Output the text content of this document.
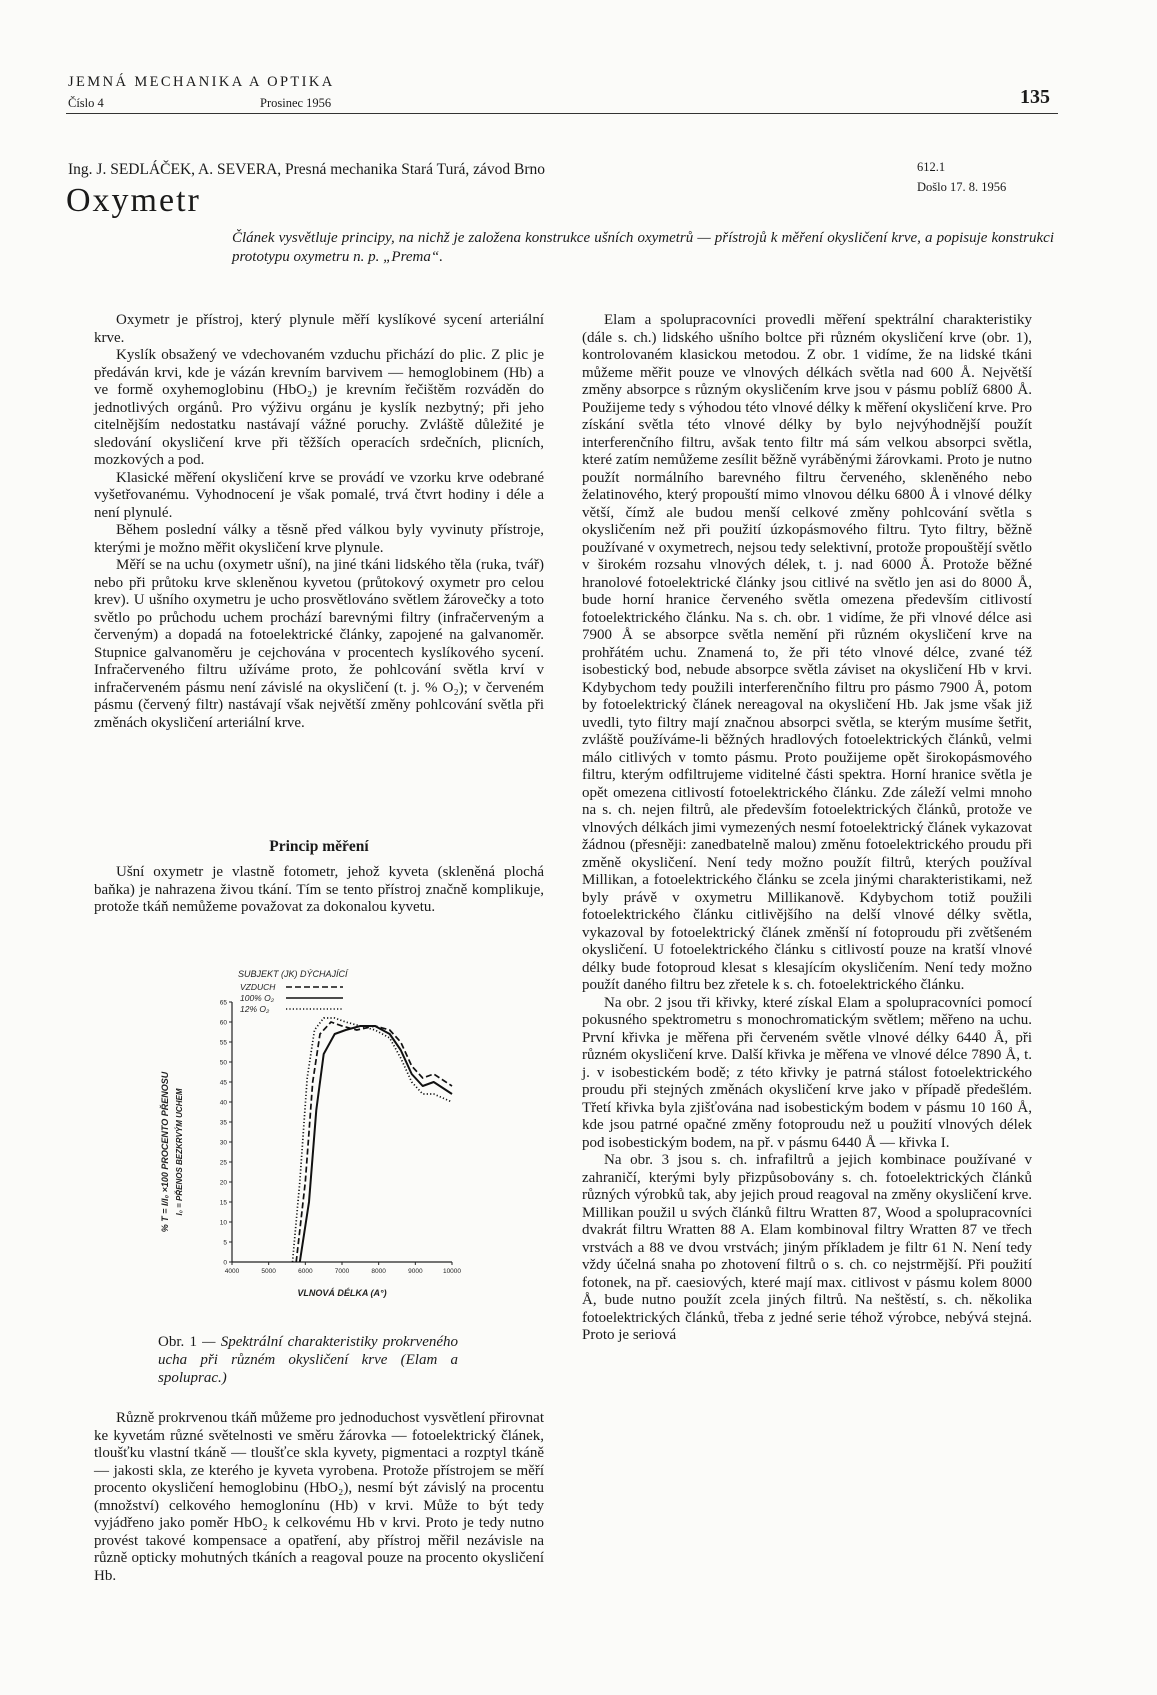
JEMNÁ MECHANIKA A OPTIKA
Číslo 4	Prosinec 1956	135
Ing. J. SEDLÁČEK, A. SEVERA, Presná mechanika Stará Turá, závod Brno	612.1
Došlo 17. 8. 1956
Oxymetr
Článek vysvětluje principy, na nichž je založena konstrukce ušních oxymetrů — přístrojů k měření okysličení krve, a popisuje konstrukci prototypu oxymetru n. p. „Prema“.

Oxymetr je přístroj, který plynule měří kyslíkové sycení arteriální krve.

Kyslík obsažený ve vdechovaném vzduchu přichází do plic. Z plic je předáván krvi, kde je vázán krevním barvivem — hemoglobinem (Hb) a ve formě oxyhemoglobinu (HbO₂) je krevním řečištěm rozváděn do jednotlivých orgánů. Pro výživu orgánu je kyslík nezbytný; při jeho citelnějším nedostatku nastávají vážné poruchy. Zvláště důležité je sledování okysličení krve při těžších operacích srdečních, plicních, mozkových a pod.

Klasické měření okysličení krve se provádí ve vzorku krve odebrané vyšetřovanému. Vyhodnocení je však pomalé, trvá čtvrt hodiny i déle a není plynulé.

Během poslední války a těsně před válkou byly vyvinuty přístroje, kterými je možno měřit okysličení krve plynule.

Měří se na uchu (oxymetr ušní), na jiné tkáni lidského těla (ruka, tvář) nebo při průtoku krve skleněnou kyvetou (průtokový oxymetr pro celou krev). U ušního oxymetru je ucho prosvětlováno světlem žárovečky a toto světlo po průchodu uchem prochází barevnými filtry (infračerveným a červeným) a dopadá na fotoelektrické články, zapojené na galvanoměr. Stupnice galvanoměru je cejchována v procentech kyslíkového sycení. Infračerveného filtru užíváme proto, že pohlcování světla krví v infračerveném pásmu není závislé na okysličení (t. j. % O₂); v červeném pásmu (červený filtr) nastávají však největší změny pohlcování světla při změnách okysličení arteriální krve.

Princip měření

Ušní oxymetr je vlastně fotometr, jehož kyveta (skleněná plochá baňka) je nahrazena živou tkání. Tím se tento přístroj značně komplikuje, protože tkáň nemůžeme považovat za dokonalou kyvetu.

0
5
10
15
20
25
30
35
40
45
50
55
60
65
4000	5000	6000	7000	8000	9000	10000
VLNOVÁ DÉLKA (A°)
% T = I/I₀ ×100 PROCENTO PŘENOSU I₀ = PŘENOS BEZKRVÝM UCHEM
SUBJEKT (JK) DÝCHAJÍCÍ
VZDUCH
100% O₂
12% O₂
Obr. 1 — Spektrální charakteristiky prokrveného ucha při různém okysličení krve (Elam a spoluprac.)

Různě prokrvenou tkáň můžeme pro jednoduchost vysvětlení přirovnat ke kyvetám různé světelnosti ve směru žárovka — fotoelektrický článek, tloušťku vlastní tkáně — tloušťce skla kyvety, pigmentaci a rozptyl tkáně — jakosti skla, ze kterého je kyveta vyrobena. Protože přístrojem se měří procento okysličení hemoglobinu (HbO₂), nesmí být závislý na procentu (množství) celkového hemoglonínu (Hb) v krvi. Může to být tedy vyjádřeno jako poměr HbO₂ k celkovému Hb v krvi. Proto je tedy nutno provést takové kompensace a opatření, aby přístroj měřil nezávisle na různě opticky mohutných tkáních a reagoval pouze na procento okysličení Hb.

Elam a spolupracovníci provedli měření spektrální charakteristiky (dále s. ch.) lidského ušního boltce při různém okysličení krve (obr. 1), kontrolovaném klasickou metodou. Z obr. 1 vidíme, že na lidské tkáni můžeme měřit pouze ve vlnových délkách světla nad 600 Å. Největší změny absorpce s různým okysličením krve jsou v pásmu poblíž 6800 Å. Použijeme tedy s výhodou této vlnové délky k měření okysličení krve. Pro získání světla této vlnové délky by bylo nejvýhodnější použít interferenčního filtru, avšak tento filtr má sám velkou absorpci světla, které zatím nemůžeme zesílit běžně vyráběnými žárovkami. Proto je nutno použít normálního barevného filtru červeného, skleněného nebo želatinového, který propouští mimo vlnovou délku 6800 Å i vlnové délky větší, čímž ale budou menší celkové změny pohlcování světla s okysličením než při použití úzkopásmového filtru. Tyto filtry, běžně používané v oxymetrech, nejsou tedy selektivní, protože propouštějí světlo v širokém rozsahu vlnových délek, t. j. nad 6000 Å. Protože běžné hranolové fotoelektrické články jsou citlivé na světlo jen asi do 8000 Å, bude horní hranice červeného světla omezena především citlivostí fotoelektrického článku. Na s. ch. obr. 1 vidíme, že při vlnové délce asi 7900 Å se absorpce světla nemění při různém okysličení krve na prohřátém uchu. Znamená to, že při této vlnové délce, zvané též isobestický bod, nebude absorpce světla záviset na okysličení Hb v krvi. Kdybychom tedy použili interferenčního filtru pro pásmo 7900 Å, potom by fotoelektrický článek nereagoval na okysličení Hb. Jak jsme však již uvedli, tyto filtry mají značnou absorpci světla, se kterým musíme šetřit, zvláště používáme-li běžných hradlových fotoelektrických článků, velmi málo citlivých v tomto pásmu. Proto použijeme opět širokopásmového filtru, kterým odfiltrujeme viditelné části spektra. Horní hranice světla je opět omezena citlivostí fotoelektrického článku. Zde záleží velmi mnoho na s. ch. nejen filtrů, ale především fotoelektrických článků, protože ve vlnových délkách jimi vymezených nesmí fotoelektrický článek vykazovat žádnou (přesněji: zanedbatelně malou) změnu fotoelektrického proudu při změně okysličení. Není tedy možno použít filtrů, kterých používal Millikan, a fotoelektrického článku se zcela jinými charakteristikami, než byly právě v oxymetru Millikanově. Kdybychom totiž použili fotoelektrického článku citlivějšího na delší vlnové délky světla, vykazoval by fotoelektrický článek změnší ní fotoproudu při zvětšeném okysličení. U fotoelektrického článku s citlivostí pouze na kratší vlnové délky bude fotoproud klesat s klesajícím okysličením. Není tedy možno použít daného filtru bez zřetele k s. ch. fotoelektrického článku.

Na obr. 2 jsou tři křivky, které získal Elam a spolupracovníci pomocí pokusného spektrometru s monochromatickým světlem; měřeno na uchu. První křivka je měřena při červeném světle vlnové délky 6440 Å, při různém okysličení krve. Další křivka je měřena ve vlnové délce 7890 Å, t. j. v isobestickém bodě; z této křivky je patrná stálost fotoelektrického proudu při stejných změnách okysličení krve jako v případě předešlém. Třetí křivka byla zjišťována nad isobestickým bodem v pásmu 10 160 Å, kde jsou patrné opačné změny fotoproudu než u použití vlnových délek pod isobestickým bodem, na př. v pásmu 6440 Å — křivka I.

Na obr. 3 jsou s. ch. infrafiltrů a jejich kombinace používané v zahraničí, kterými byly přizpůsobovány s. ch. fotoelektrických článků různých výrobků tak, aby jejich proud reagoval na změny okysličení krve. Millikan použil u svých článků filtru Wratten 87, Wood a spolupracovníci dvakrát filtru Wratten 88 A. Elam kombinoval filtry Wratten 87 ve třech vrstvách a 88 ve dvou vrstvách; jiným příkladem je filtr 61 N. Není tedy vždy účelná snaha po zhotovení filtrů o s. ch. co nejstrmější. Při použití fotonek, na př. caesiových, které mají max. citlivost v pásmu kolem 8000 Å, bude nutno použít zcela jiných filtrů. Na neštěstí, s. ch. několika fotoelektrických článků, třeba z jedné serie téhož výrobce, nebývá stejná. Proto je seriová
